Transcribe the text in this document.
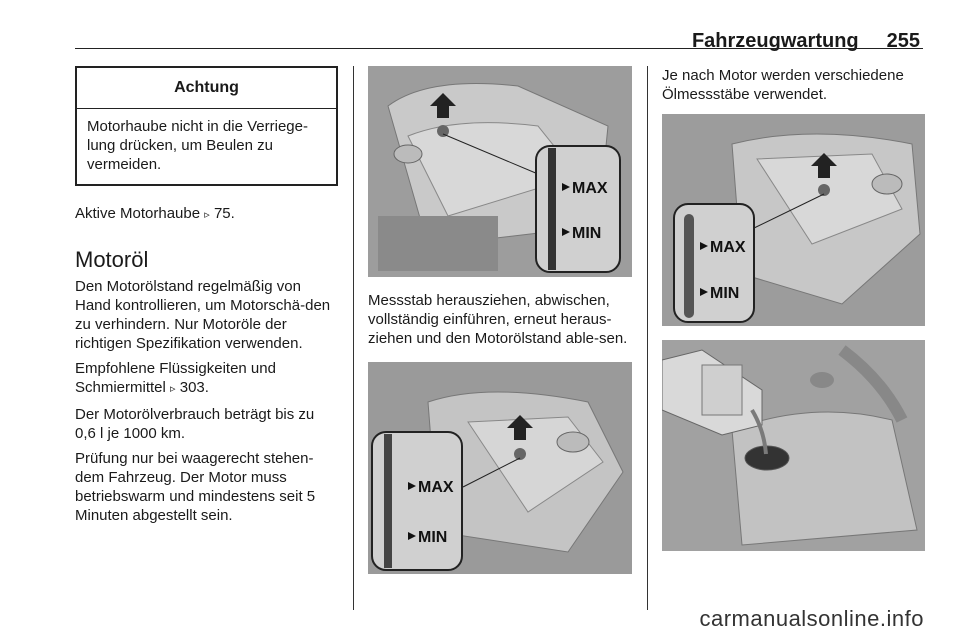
Fahrzeugwartung 255
Achtung
Motorhaube nicht in die Verriege-lung drücken, um Beulen zu vermeiden.

Aktive Motorhaube ▹ 75.

Motoröl

Den Motorölstand regelmäßig von Hand kontrollieren, um Motorschä-den zu verhindern. Nur Motoröle der richtigen Spezifikation verwenden.

Empfohlene Flüssigkeiten und Schmiermittel ▹ 303.

Der Motorölverbrauch beträgt bis zu 0,6 l je 1000 km.

Prüfung nur bei waagerecht stehen-dem Fahrzeug. Der Motor muss betriebswarm und mindestens seit 5 Minuten abgestellt sein.

MAX
MIN

Messstab herausziehen, abwischen, vollständig einführen, erneut heraus-ziehen und den Motorölstand able-sen.

MAX
MIN

Je nach Motor werden verschiedene Ölmessstäbe verwendet.

MAX
MIN
carmanualsonline.info
